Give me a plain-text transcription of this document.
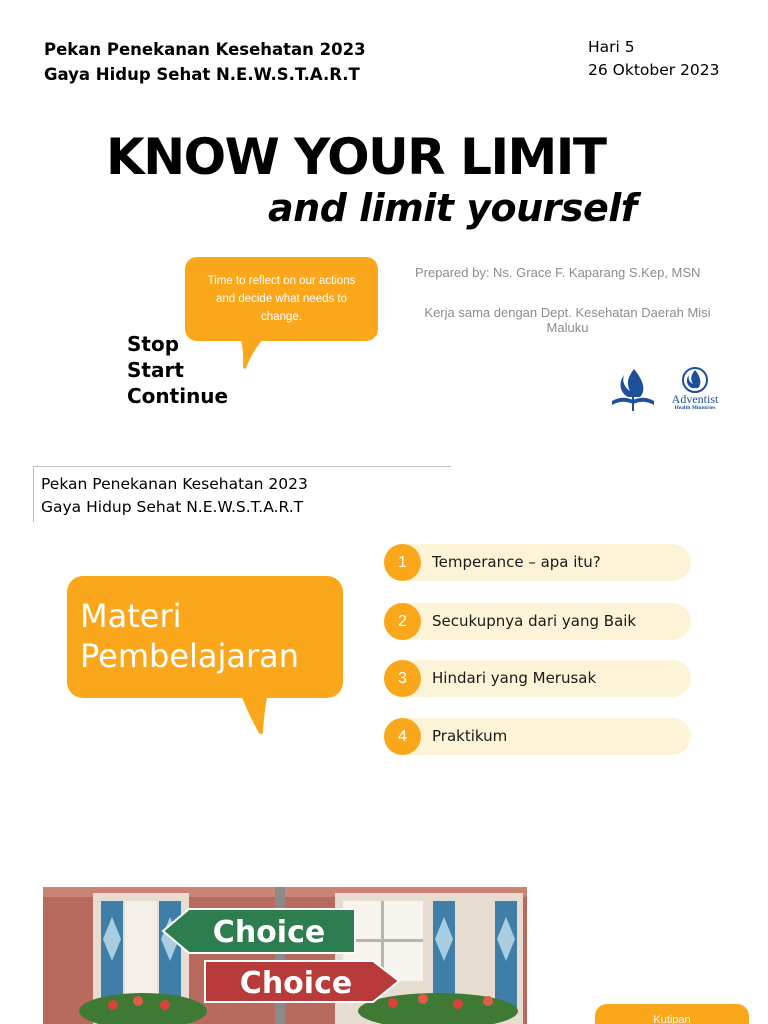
Pekan Penekanan Kesehatan 2023
Gaya Hidup Sehat N.E.W.S.T.A.R.T
Hari 5
26 Oktober 2023
KNOW YOUR LIMIT
and limit yourself
Time to reflect on our actions and decide what needs to change.
Stop
Start
Continue
Prepared by: Ns. Grace F. Kaparang S.Kep, MSN
Kerja sama dengan Dept. Kesehatan Daerah Misi Maluku
Adventist
Health Ministries
Pekan Penekanan Kesehatan 2023
Gaya Hidup Sehat N.E.W.S.T.A.R.T
Materi
Pembelajaran
1	Temperance – apa itu?
2	Secukupnya dari yang Baik
3	Hindari yang Merusak
4	Praktikum
Choice
Choice
Kutipan
